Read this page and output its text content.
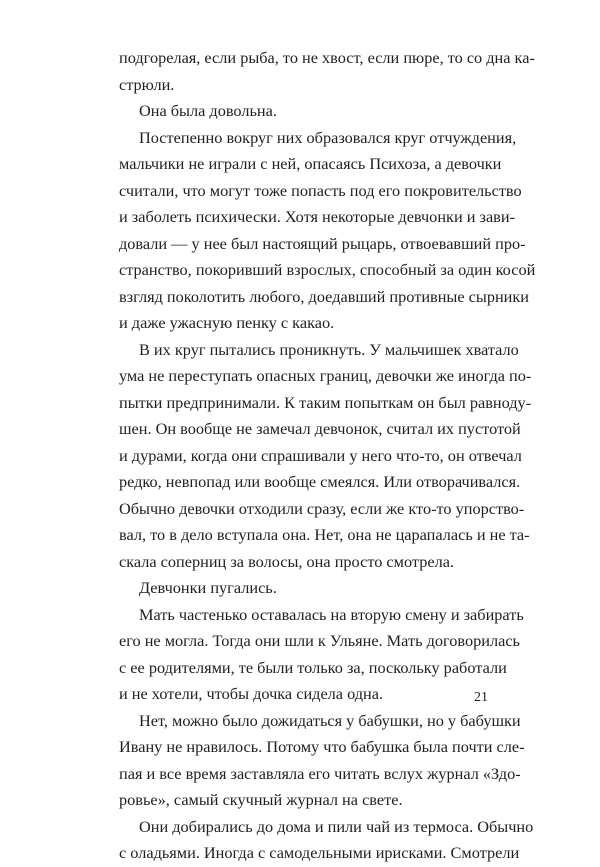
подгорелая, если рыба, то не хвост, если пюре, то со дна ка-
стрюли.
Она была довольна.
Постепенно вокруг них образовался круг отчуждения,
мальчики не играли с ней, опасаясь Психоза, а девочки
считали, что могут тоже попасть под его покровительство
и заболеть психически. Хотя некоторые девчонки и зави-
довали — у нее был настоящий рыцарь, отвоевавший про-
странство, покоривший взрослых, способный за один косой
взгляд поколотить любого, доедавший противные сырники
и даже ужасную пенку с какао.
В их круг пытались проникнуть. У мальчишек хватало
ума не переступать опасных границ, девочки же иногда по-
пытки предпринимали. К таким попыткам он был равноду-
шен. Он вообще не замечал девчонок, считал их пустотой
и дурами, когда они спрашивали у него что-то, он отвечал
редко, невпопад или вообще смеялся. Или отворачивался.
Обычно девочки отходили сразу, если же кто-то упорство-
вал, то в дело вступала она. Нет, она не царапалась и не та-
скала соперниц за волосы, она просто смотрела.
Девчонки пугались.
Мать частенько оставалась на вторую смену и забирать
его не могла. Тогда они шли к Ульяне. Мать договорилась
с ее родителями, те были только за, поскольку работали
и не хотели, чтобы дочка сидела одна.
Нет, можно было дожидаться у бабушки, но у бабушки
Ивану не нравилось. Потому что бабушка была почти сле-
пая и все время заставляла его читать вслух журнал «Здо-
ровье», самый скучный журнал на свете.
Они добирались до дома и пили чай из термоса. Обычно
с оладьями. Иногда с самодельными ирисками. Смотрели
21
